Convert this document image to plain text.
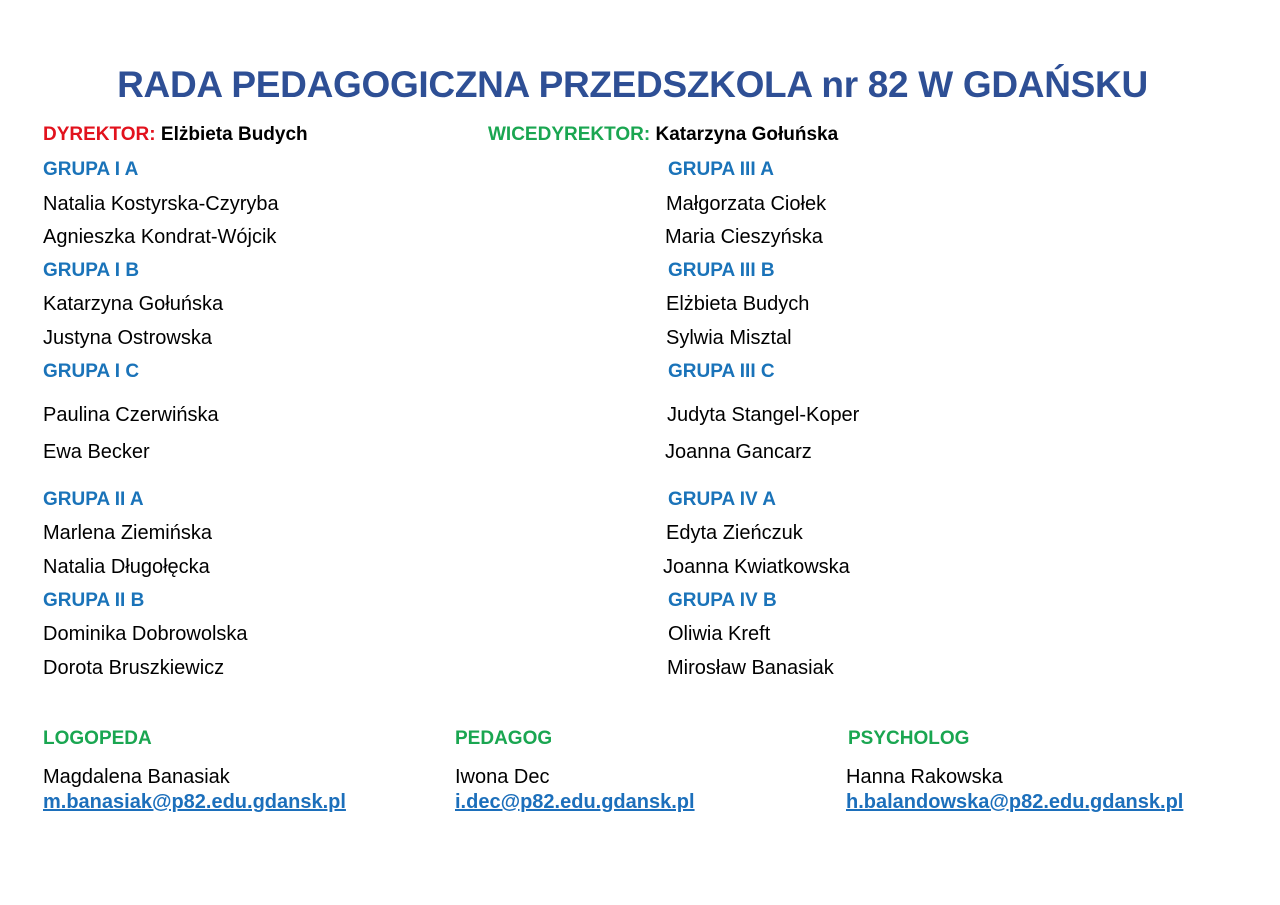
RADA PEDAGOGICZNA PRZEDSZKOLA nr 82 W GDAŃSKU
DYREKTOR: Elżbieta Budych	WICEDYREKTOR: Katarzyna Gołuńska
GRUPA I A
Natalia Kostyrska-Czyryba
Agnieszka Kondrat-Wójcik
GRUPA I B
Katarzyna Gołuńska
Justyna Ostrowska
GRUPA I C
Paulina Czerwińska
Ewa Becker
GRUPA II A
Marlena Ziemińska
Natalia Długołęcka
GRUPA II B
Dominika Dobrowolska
Dorota Bruszkiewicz
GRUPA III A
Małgorzata Ciołek
Maria Cieszyńska
GRUPA III B
Elżbieta Budych
Sylwia Misztal
GRUPA III C
Judyta Stangel-Koper
Joanna Gancarz
GRUPA IV A
Edyta Zieńczuk
Joanna Kwiatkowska
GRUPA IV B
Oliwia Kreft
Mirosław Banasiak
LOGOPEDA
Magdalena Banasiak
m.banasiak@p82.edu.gdansk.pl
PEDAGOG
Iwona Dec
i.dec@p82.edu.gdansk.pl
PSYCHOLOG
Hanna Rakowska
h.balandowska@p82.edu.gdansk.pl
